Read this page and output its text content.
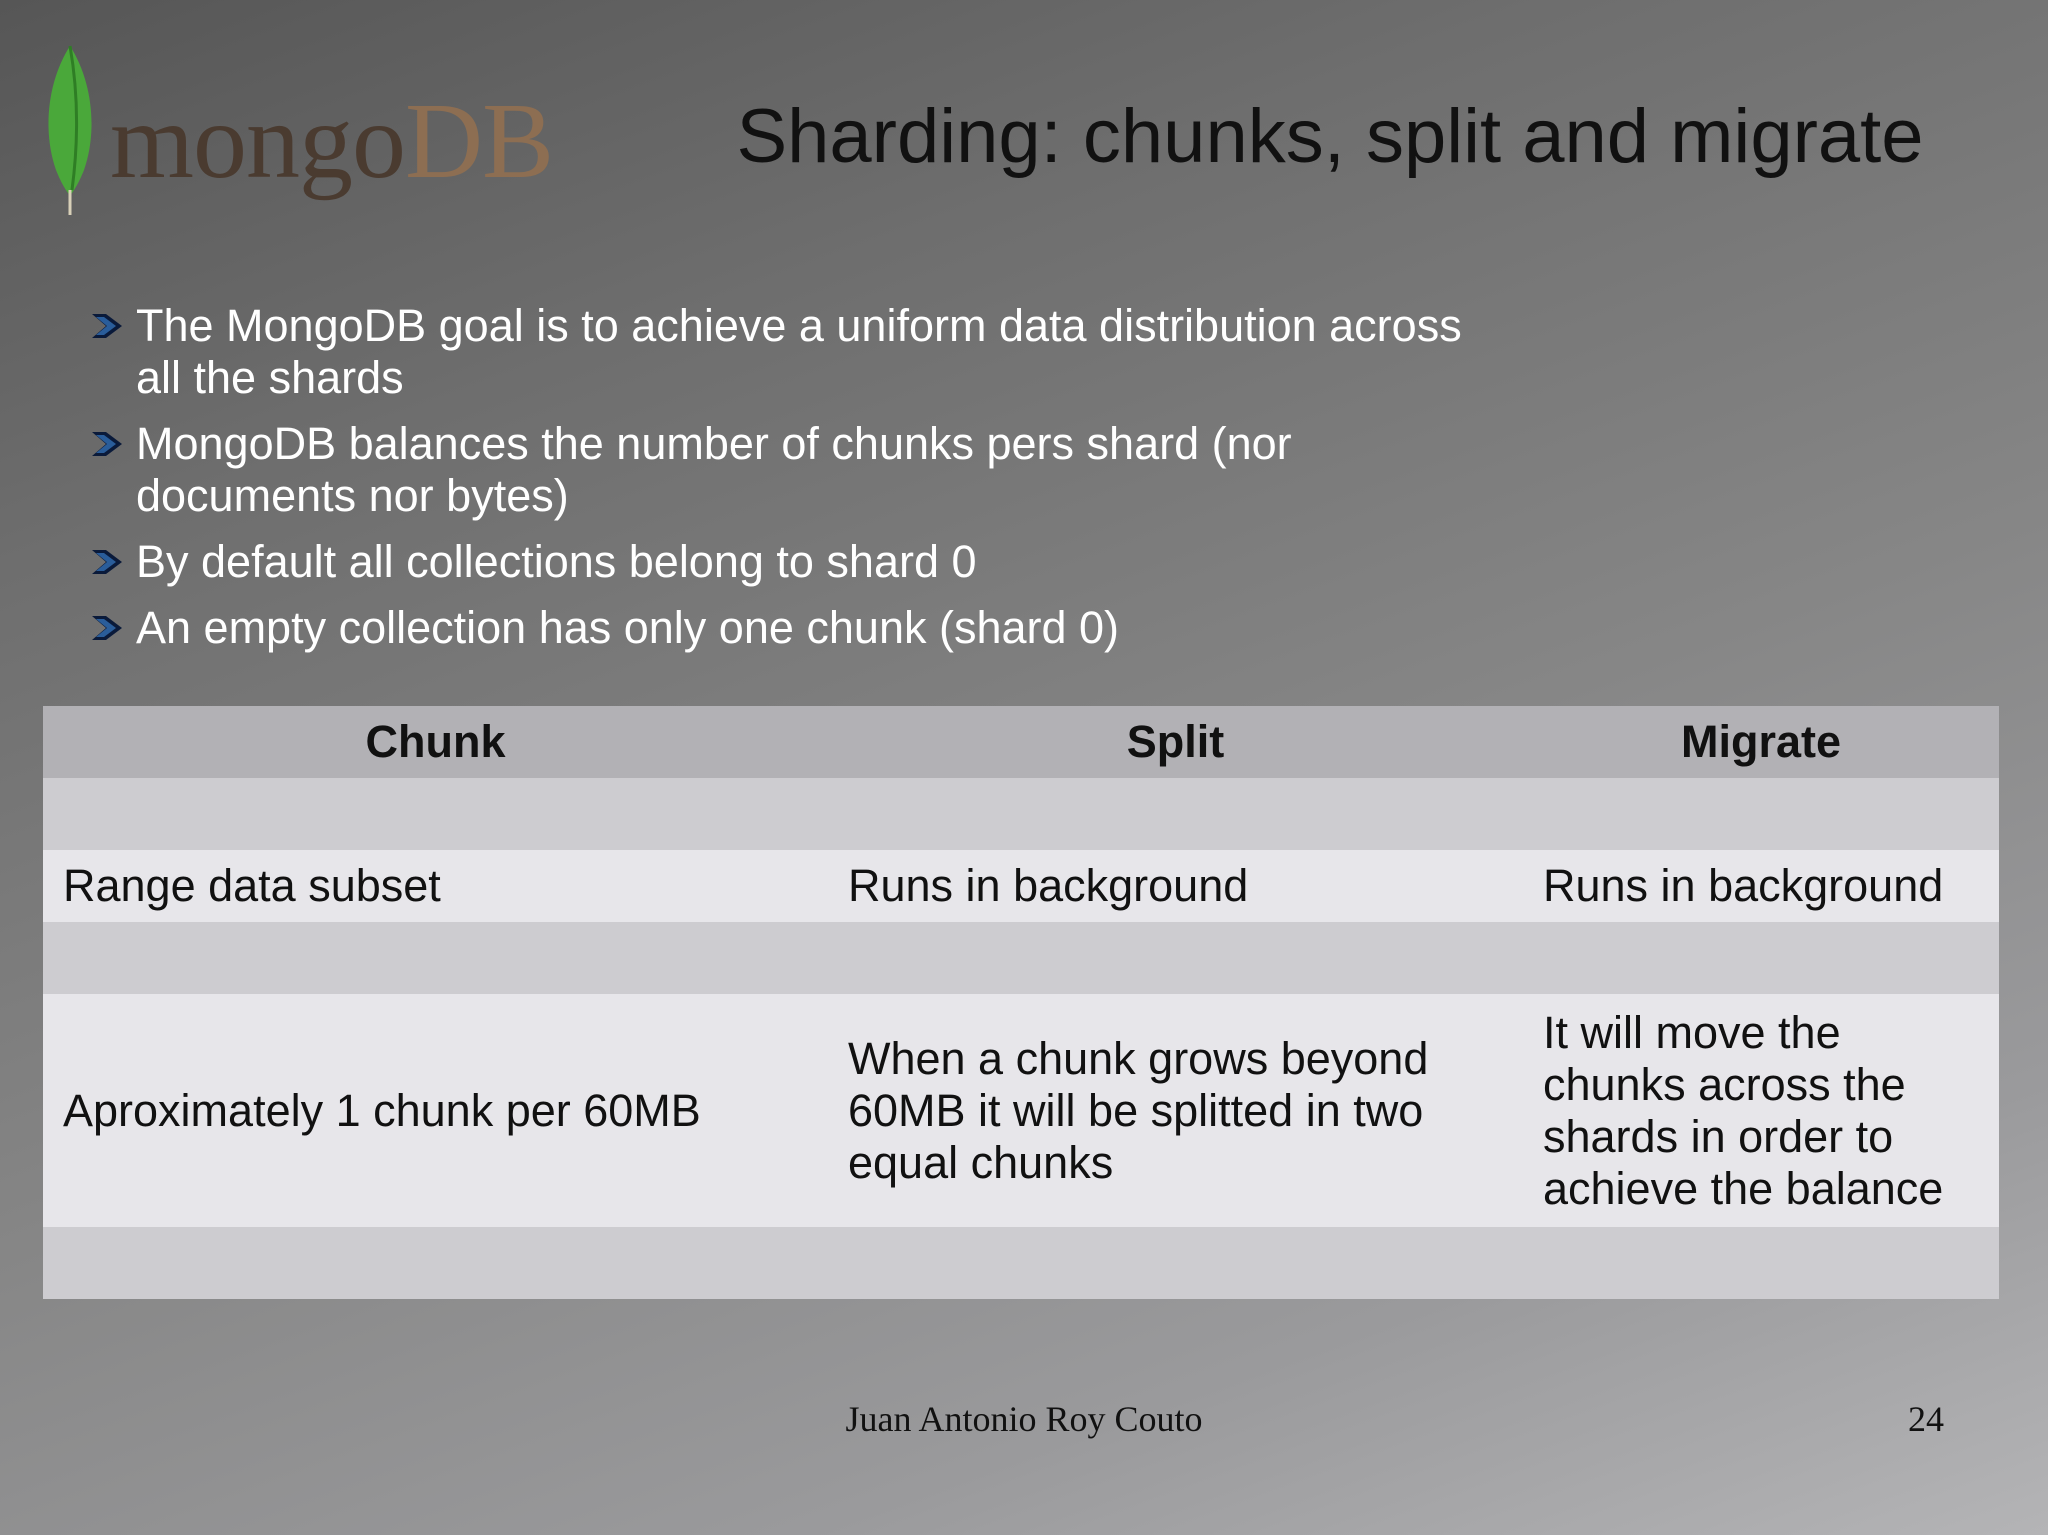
mongoDB	Sharding: chunks, split and migrate
The MongoDB goal is to achieve a uniform data distribution across all the shards
MongoDB balances the number of chunks pers shard (nor documents nor bytes)
By default all collections belong to shard 0
An empty collection has only one chunk (shard 0)
Chunk	Split	Migrate

Range data subset	Runs in background	Runs in background

Aproximately 1 chunk per 60MB	When a chunk grows beyond 60MB it will be splitted in two equal chunks	It will move the chunks across the shards in order to achieve the balance

Juan Antonio Roy Couto	24
